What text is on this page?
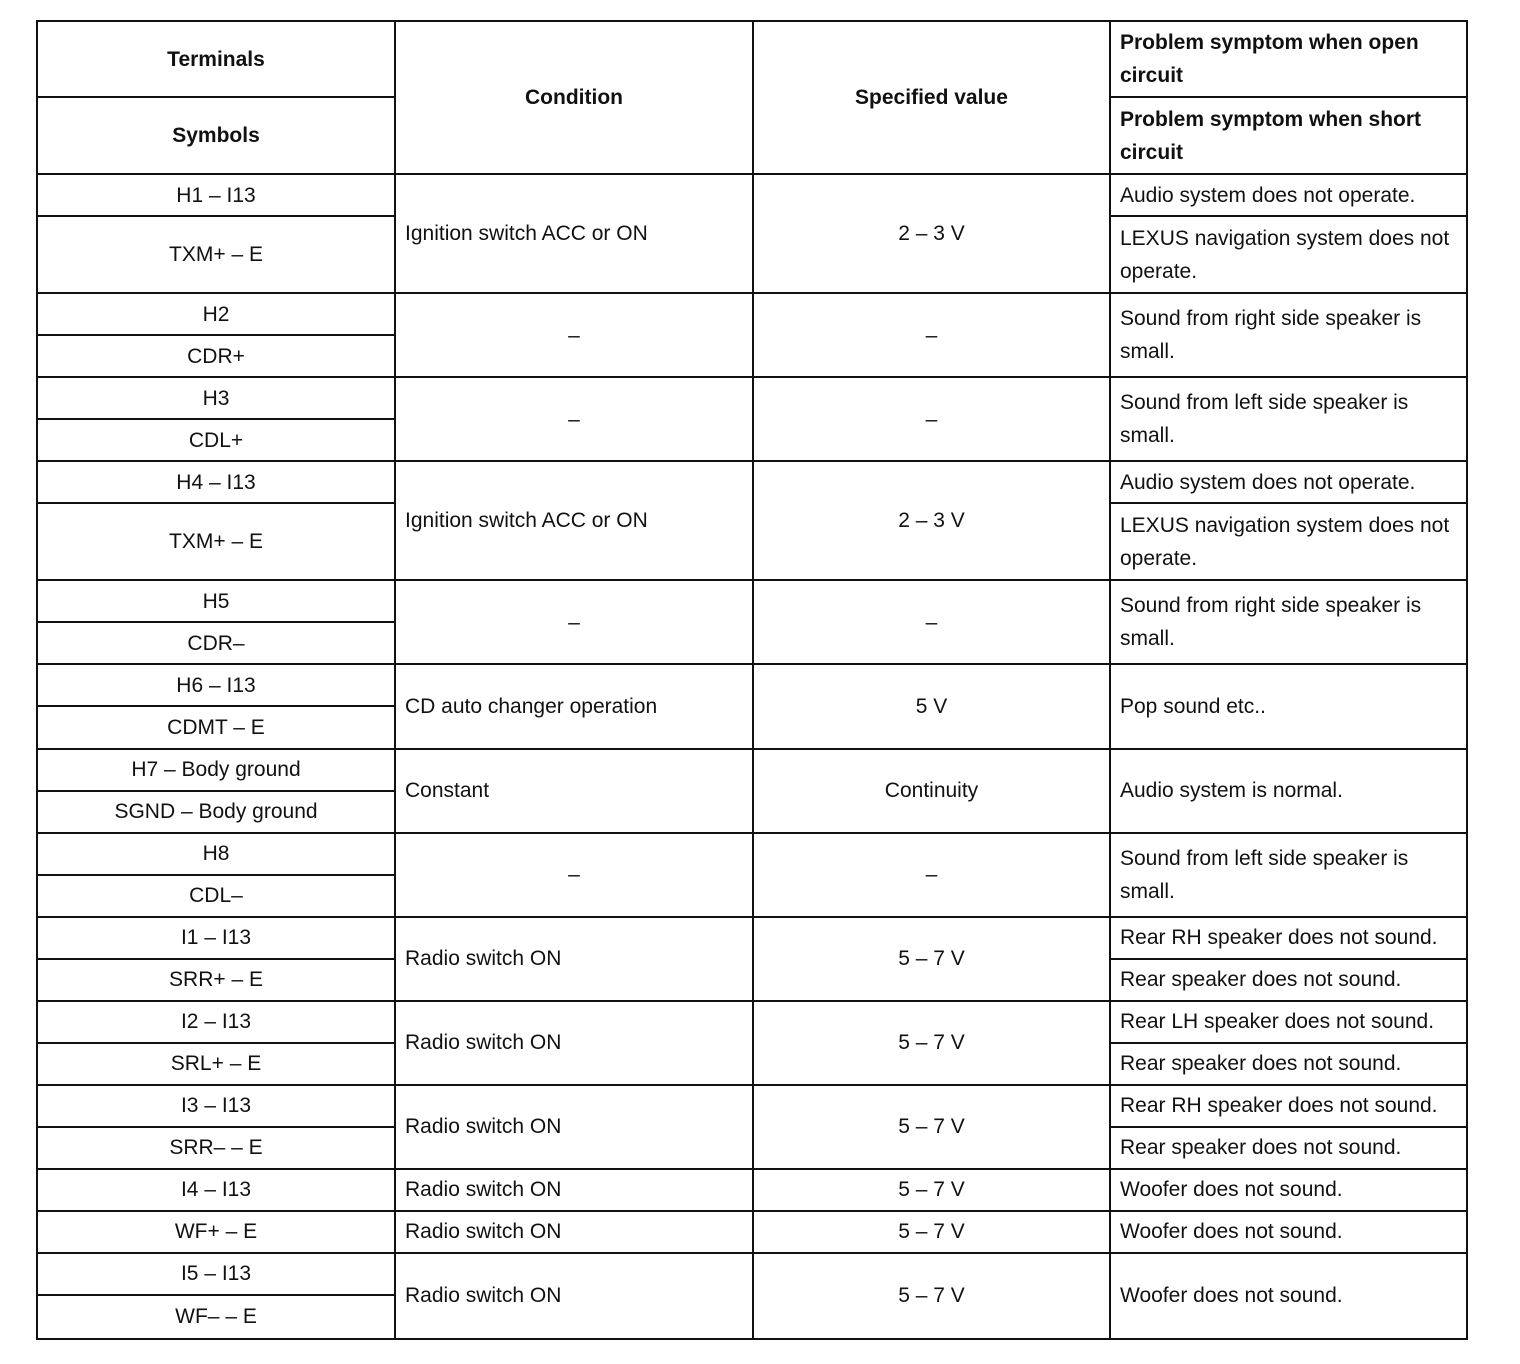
Terminals	Condition	Specified value	Problem symptom when open circuit
Symbols			Problem symptom when short circuit
H1 – I13	Ignition switch ACC or ON	2 – 3 V	Audio system does not operate.
TXM+ – E			LEXUS navigation system does not operate.
H2	–	–	Sound from right side speaker is small.
CDR+			
H3	–	–	Sound from left side speaker is small.
CDL+			
H4 – I13	Ignition switch ACC or ON	2 – 3 V	Audio system does not operate.
TXM+ – E			LEXUS navigation system does not operate.
H5	–	–	Sound from right side speaker is small.
CDR–			
H6 – I13	CD auto changer operation	5 V	Pop sound etc..
CDMT – E			
H7 – Body ground	Constant	Continuity	Audio system is normal.
SGND – Body ground			
H8	–	–	Sound from left side speaker is small.
CDL–			
I1 – I13	Radio switch ON	5 – 7 V	Rear RH speaker does not sound.
SRR+ – E			Rear speaker does not sound.
I2 – I13	Radio switch ON	5 – 7 V	Rear LH speaker does not sound.
SRL+ – E			Rear speaker does not sound.
I3 – I13	Radio switch ON	5 – 7 V	Rear RH speaker does not sound.
SRR– – E			Rear speaker does not sound.
I4 – I13	Radio switch ON	5 – 7 V	Woofer does not sound.
WF+ – E	Radio switch ON	5 – 7 V	Woofer does not sound.
I5 – I13	Radio switch ON	5 – 7 V	Woofer does not sound.
WF– – E			
